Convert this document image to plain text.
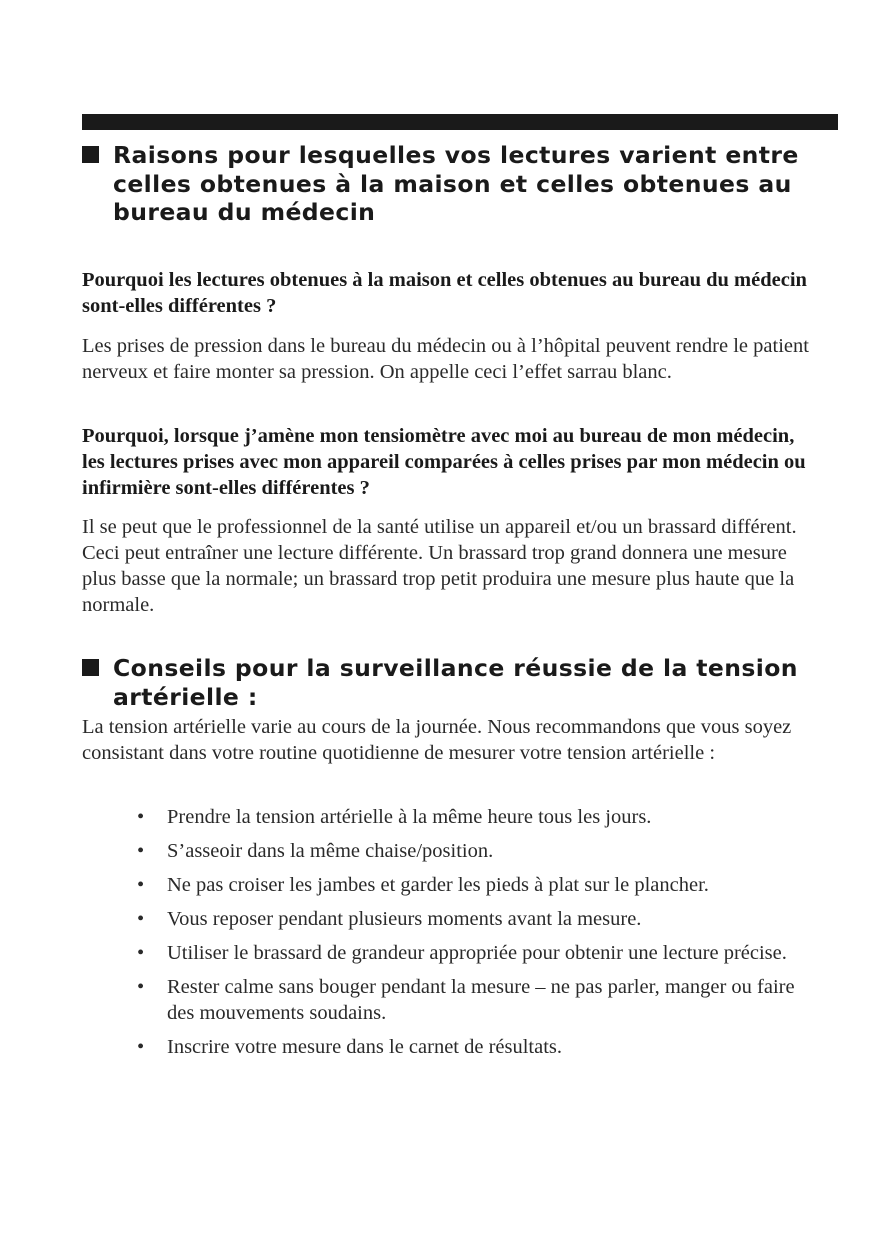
Raisons pour lesquelles vos lectures varient entre celles obtenues à la maison et celles obtenues au bureau du médecin
Pourquoi les lectures obtenues à la maison et celles obtenues au bureau du médecin sont-elles différentes ?
Les prises de pression dans le bureau du médecin ou à l’hôpital peuvent rendre le patient nerveux et faire monter sa pression. On appelle ceci l’effet sarrau blanc.
Pourquoi, lorsque j’amène mon tensiomètre avec moi au bureau de mon médecin, les lectures prises avec mon appareil comparées à celles prises par mon médecin ou infirmière sont-elles différentes ?
Il se peut que le professionnel de la santé utilise un appareil et/ou un brassard différent. Ceci peut entraîner une lecture différente. Un brassard trop grand donnera une mesure plus basse que la normale; un brassard trop petit produira une mesure plus haute que la normale.
Conseils pour la surveillance réussie de la tension artérielle :
La tension artérielle varie au cours de la journée. Nous recommandons que vous soyez consistant dans votre routine quotidienne de mesurer votre tension artérielle :
• Prendre la tension artérielle à la même heure tous les jours.
• S’asseoir dans la même chaise/position.
• Ne pas croiser les jambes et garder les pieds à plat sur le plancher.
• Vous reposer pendant plusieurs moments avant la mesure.
• Utiliser le brassard de grandeur appropriée pour obtenir une lecture précise.
• Rester calme sans bouger pendant la mesure – ne pas parler, manger ou faire des mouvements soudains.
• Inscrire votre mesure dans le carnet de résultats.
